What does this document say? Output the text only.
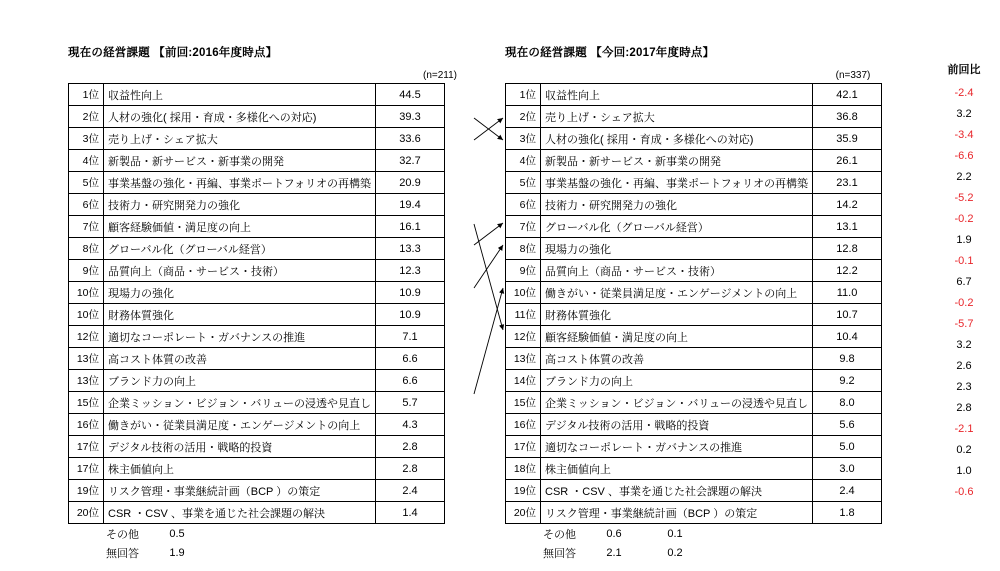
現在の経営課題 【前回:2016年度時点】
(n=211)
1位	収益性向上	44.5
2位	人材の強化( 採用・育成・多様化への対応)	39.3
3位	売り上げ・シェア拡大	33.6
4位	新製品・新サービス・新事業の開発	32.7
5位	事業基盤の強化・再編、事業ポートフォリオの再構築	20.9
6位	技術力・研究開発力の強化	19.4
7位	顧客経験価値・満足度の向上	16.1
8位	グローバル化（グローバル経営）	13.3
9位	品質向上（商品・サービス・技術）	12.3
10位	現場力の強化	10.9
10位	財務体質強化	10.9
12位	適切なコーポレート・ガバナンスの推進	7.1
13位	高コスト体質の改善	6.6
13位	ブランド力の向上	6.6
15位	企業ミッション・ビジョン・バリューの浸透や見直し	5.7
16位	働きがい・従業員満足度・エンゲージメントの向上	4.3
17位	デジタル技術の活用・戦略的投資	2.8
17位	株主価値向上	2.8
19位	リスク管理・事業継続計画（BCP ）の策定	2.4
20位	CSR ・CSV 、事業を通じた社会課題の解決	1.4
	その他	0.5
	無回答	1.9
現在の経営課題 【今回:2017年度時点】
(n=337)
1位	収益性向上	42.1
2位	売り上げ・シェア拡大	36.8
3位	人材の強化( 採用・育成・多様化への対応)	35.9
4位	新製品・新サービス・新事業の開発	26.1
5位	事業基盤の強化・再編、事業ポートフォリオの再構築	23.1
6位	技術力・研究開発力の強化	14.2
7位	グローバル化（グローバル経営）	13.1
8位	現場力の強化	12.8
9位	品質向上（商品・サービス・技術）	12.2
10位	働きがい・従業員満足度・エンゲージメントの向上	11.0
11位	財務体質強化	10.7
12位	顧客経験価値・満足度の向上	10.4
13位	高コスト体質の改善	9.8
14位	ブランド力の向上	9.2
15位	企業ミッション・ビジョン・バリューの浸透や見直し	8.0
16位	デジタル技術の活用・戦略的投資	5.6
17位	適切なコーポレート・ガバナンスの推進	5.0
18位	株主価値向上	3.0
19位	CSR ・CSV 、事業を通じた社会課題の解決	2.4
20位	リスク管理・事業継続計画（BCP ）の策定	1.8
	その他	0.6	0.1
	無回答	2.1	0.2
前回比
-2.4
3.2
-3.4
-6.6
2.2
-5.2
-0.2
1.9
-0.1
6.7
-0.2
-5.7
3.2
2.6
2.3
2.8
-2.1
0.2
1.0
-0.6
